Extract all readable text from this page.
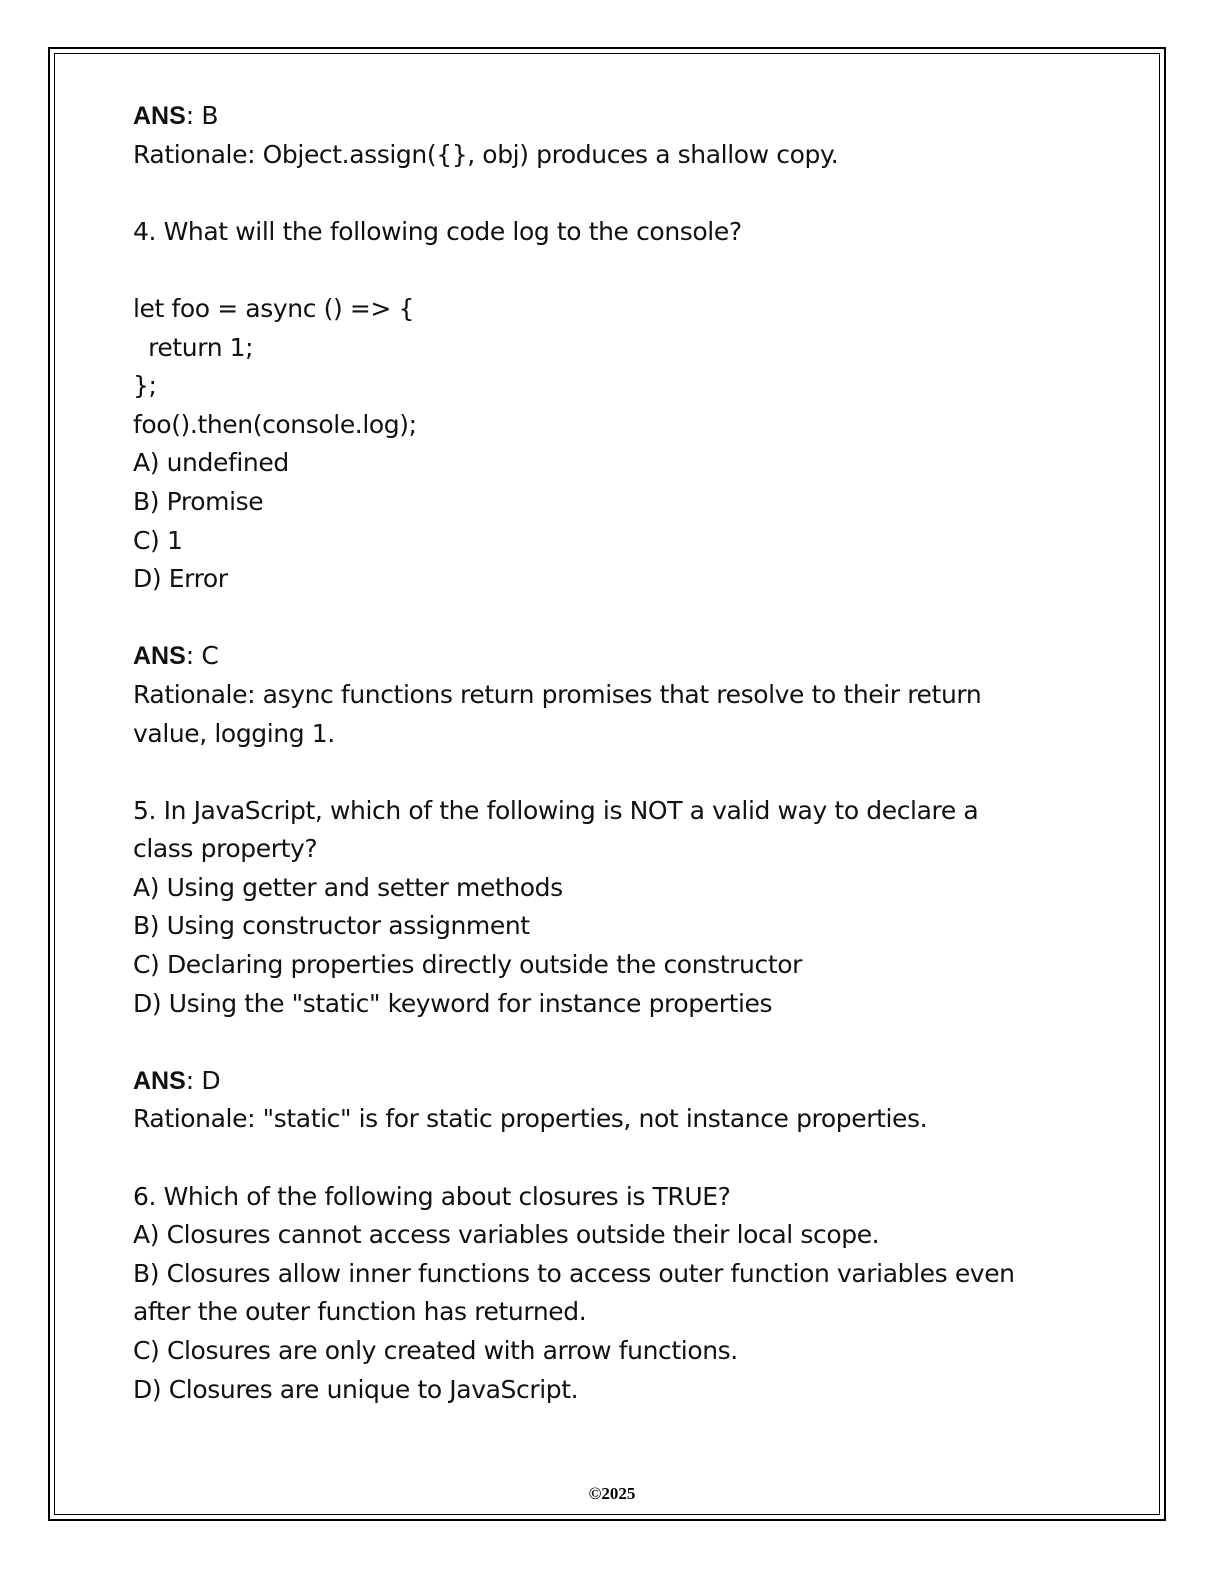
ANS: B
Rationale: Object.assign({}, obj) produces a shallow copy.
4. What will the following code log to the console?
let foo = async () => {
return 1;
};
foo().then(console.log);
A) undefined
B) Promise
C) 1
D) Error
ANS: C
Rationale: async functions return promises that resolve to their return
value, logging 1.
5. In JavaScript, which of the following is NOT a valid way to declare a
class property?
A) Using getter and setter methods
B) Using constructor assignment
C) Declaring properties directly outside the constructor
D) Using the "static" keyword for instance properties
ANS: D
Rationale: "static" is for static properties, not instance properties.
6. Which of the following about closures is TRUE?
A) Closures cannot access variables outside their local scope.
B) Closures allow inner functions to access outer function variables even
after the outer function has returned.
C) Closures are only created with arrow functions.
D) Closures are unique to JavaScript.
©2025
